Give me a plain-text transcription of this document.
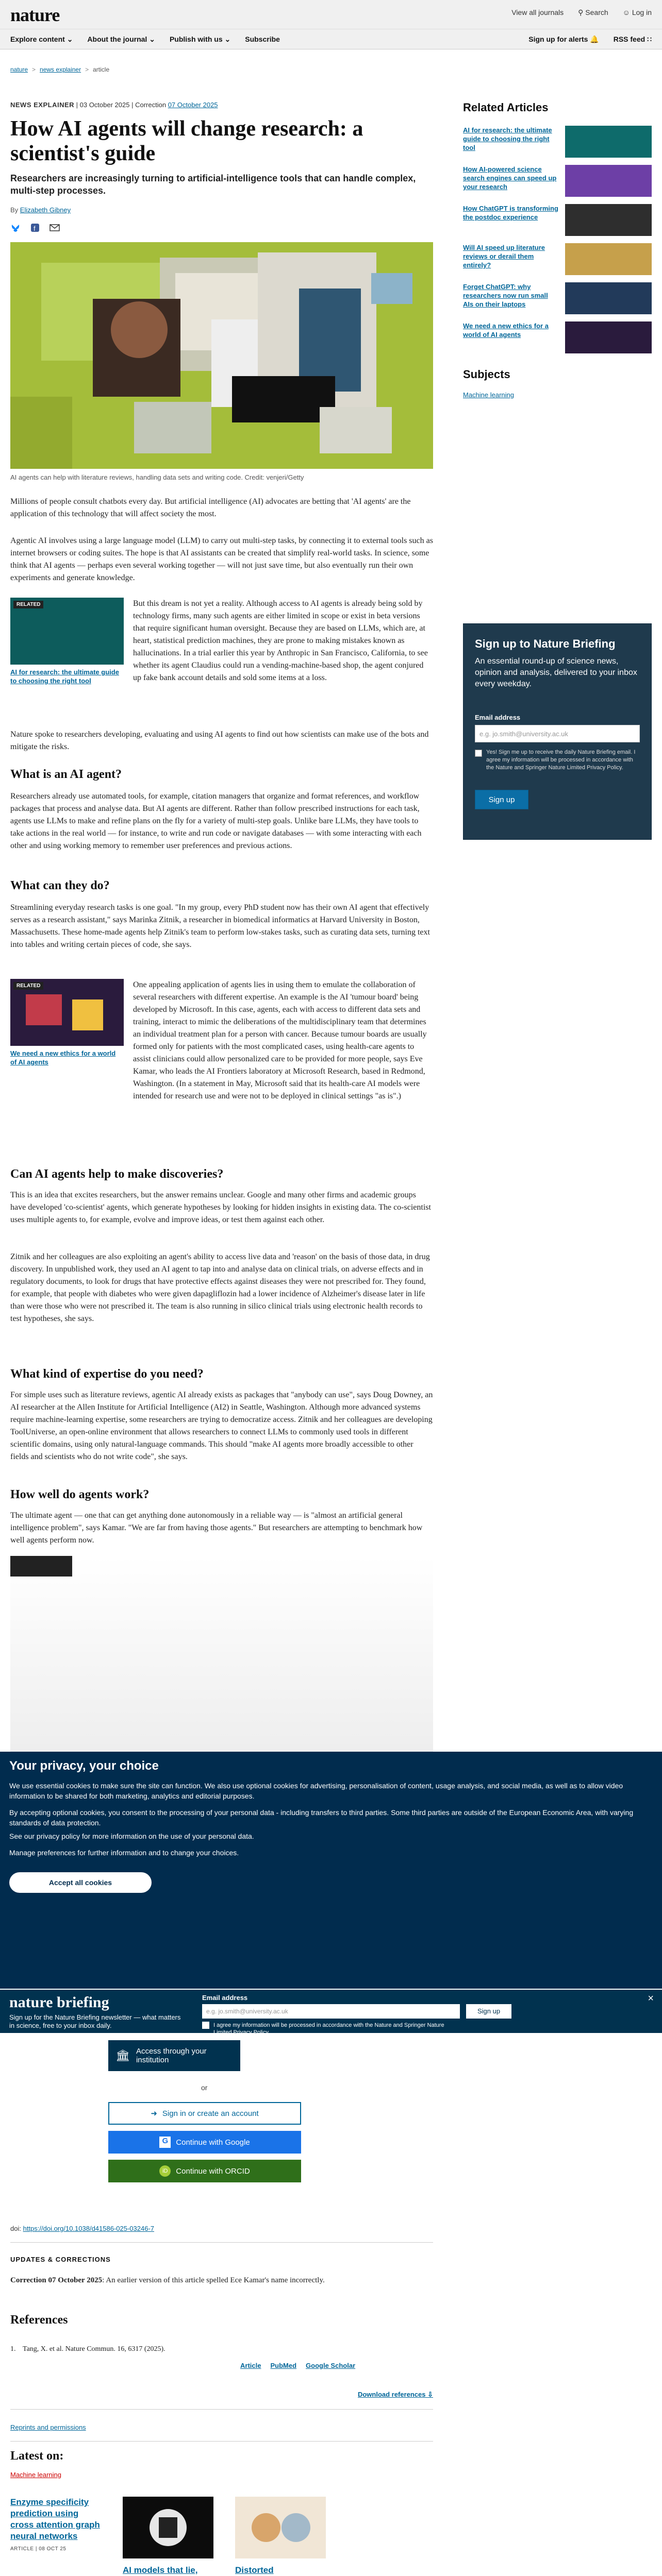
nature	View all journals ⚲ Search ☺ Log in
Explore content ⌄ About the journal ⌄ Publish with us ⌄ Subscribe	Sign up for alerts 🔔 RSS feed ∷
nature > news explainer > article
NEWS EXPLAINER | 03 October 2025 | Correction 07 October 2025
How AI agents will change research: a scientist's guide
Researchers are increasingly turning to artificial-intelligence tools that can handle complex, multi-step processes.
By Elizabeth Gibney
f
AI agents can help with literature reviews, handling data sets and writing code. Credit: venjeri/Getty
Millions of people consult chatbots every day. But artificial intelligence (AI) advocates are betting that 'AI agents' are the application of this technology that will affect society the most.
Agentic AI involves using a large language model (LLM) to carry out multi-step tasks, by connecting it to external tools such as internet browsers or coding suites. The hope is that AI assistants can be created that simplify real-world tasks. In science, some think that AI agents — perhaps even several working together — will not just save time, but also eventually run their own experiments and generate knowledge.
RELATED
AI for research: the ultimate guide to choosing the right tool
But this dream is not yet a reality. Although access to AI agents is already being sold by technology firms, many such agents are either limited in scope or exist in beta versions that require significant human oversight. Because they are based on LLMs, which are, at heart, statistical prediction machines, they are prone to making mistakes known as hallucinations. In a trial earlier this year by Anthropic in San Francisco, California, to see whether its agent Claudius could run a vending-machine-based shop, the agent conjured up fake bank account details and sold some items at a loss.
Nature spoke to researchers developing, evaluating and using AI agents to find out how scientists can make use of the bots and mitigate the risks.
What is an AI agent?
Researchers already use automated tools, for example, citation managers that organize and format references, and workflow packages that process and analyse data. But AI agents are different. Rather than follow prescribed instructions for each task, agents use LLMs to make and refine plans on the fly for a variety of multi-step goals. Unlike bare LLMs, they have tools to take actions in the real world — for instance, to write and run code or navigate databases — with some interacting with each other and using working memory to remember user preferences and previous actions.
What can they do?
Streamlining everyday research tasks is one goal. "In my group, every PhD student now has their own AI agent that effectively serves as a research assistant," says Marinka Zitnik, a researcher in biomedical informatics at Harvard University in Boston, Massachusetts. These home-made agents help Zitnik's team to perform low-stakes tasks, such as curating data sets, turning text into tables and writing certain pieces of code, she says.
RELATED
We need a new ethics for a world of AI agents
One appealing application of agents lies in using them to emulate the collaboration of several researchers with different expertise. An example is the AI 'tumour board' being developed by Microsoft. In this case, agents, each with access to different data sets and training, interact to mimic the deliberations of the multidisciplinary team that determines an individual treatment plan for a person with cancer. Because tumour boards are usually formed only for patients with the most complicated cases, using health-care agents to assist clinicians could allow personalized care to be provided for more people, says Eve Kamar, who leads the AI Frontiers laboratory at Microsoft Research, based in Redmond, Washington. (In a statement in May, Microsoft said that its health-care AI models were intended for research use and were not to be deployed in clinical settings "as is".)
Can AI agents help to make discoveries?
This is an idea that excites researchers, but the answer remains unclear. Google and many other firms and academic groups have developed 'co-scientist' agents, which generate hypotheses by looking for hidden insights in existing data. The co-scientist uses multiple agents to, for example, evolve and improve ideas, or test them against each other.
Zitnik and her colleagues are also exploiting an agent's ability to access live data and 'reason' on the basis of those data, in drug discovery. In unpublished work, they used an AI agent to tap into and analyse data on clinical trials, on adverse effects and in regulatory documents, to look for drugs that have protective effects against diseases they were not prescribed for. They found, for example, that people with diabetes who were given dapagliflozin had a lower incidence of Alzheimer's disease later in life than were those who were not prescribed it. The team is also running in silico clinical trials using electronic health records to test hypotheses, she says.
What kind of expertise do you need?
For simple uses such as literature reviews, agentic AI already exists as packages that "anybody can use", says Doug Downey, an AI researcher at the Allen Institute for Artificial Intelligence (AI2) in Seattle, Washington. Although more advanced systems require machine-learning expertise, some researchers are trying to democratize access. Zitnik and her colleagues are developing ToolUniverse, an open-online environment that allows researchers to connect LLMs to commonly used tools in different scientific domains, using only natural-language commands. This should "make AI agents more broadly accessible to other fields and scientists who do not write code", she says.
How well do agents work?
The ultimate agent — one that can get anything done autonomously in a reliable way — is "almost an artificial general intelligence problem", says Kamar. "We are far from having those agents." But researchers are attempting to benchmark how well agents perform now.
Related Articles
AI for research: the ultimate guide to choosing the right tool
How AI-powered science search engines can speed up your research
How ChatGPT is transforming the postdoc experience
Will AI speed up literature reviews or derail them entirely?
Forget ChatGPT: why researchers now run small AIs on their laptops
We need a new ethics for a world of AI agents
Subjects
Machine learning
Sign up to Nature Briefing
An essential round-up of science news, opinion and analysis, delivered to your inbox every weekday.
Email address
e.g. jo.smith@university.ac.uk
Yes! Sign me up to receive the daily Nature Briefing email. I agree my information will be processed in accordance with the Nature and Springer Nature Limited Privacy Policy.
Sign up
Your privacy, your choice

We use essential cookies to make sure the site can function. We also use optional cookies for advertising, personalisation of content, usage analysis, and social media, as well as to allow video information to be shared for both marketing, analytics and editorial purposes.

By accepting optional cookies, you consent to the processing of your personal data - including transfers to third parties. Some third parties are outside of the European Economic Area, with varying standards of data protection.

See our privacy policy for more information on the use of your personal data.

Manage preferences for further information and to change your choices.

Accept all cookies
nature briefing
Sign up for the Nature Briefing newsletter — what matters in science, free to your inbox daily.
Email address
e.g. jo.smith@university.ac.uk	Sign up
I agree my information will be processed in accordance with the Nature and Springer Nature Limited Privacy Policy.
×
🏛 Access through your institution
or
➜ Sign in or create an account
G	Continue with Google
iD	Continue with ORCID
doi: https://doi.org/10.1038/d41586-025-03246-7
UPDATES & CORRECTIONS
Correction 07 October 2025: An earlier version of this article spelled Ece Kamar's name incorrectly.
References
1. Tang, X. et al. Nature Commun. 16, 6317 (2025).
Article PubMed Google Scholar
Download references ⇩
Reprints and permissions
Latest on:
Machine learning
Enzyme specificity prediction using cross attention graph neural networks
ARTICLE | 08 OCT 25
AI models that lie,	Distorted
